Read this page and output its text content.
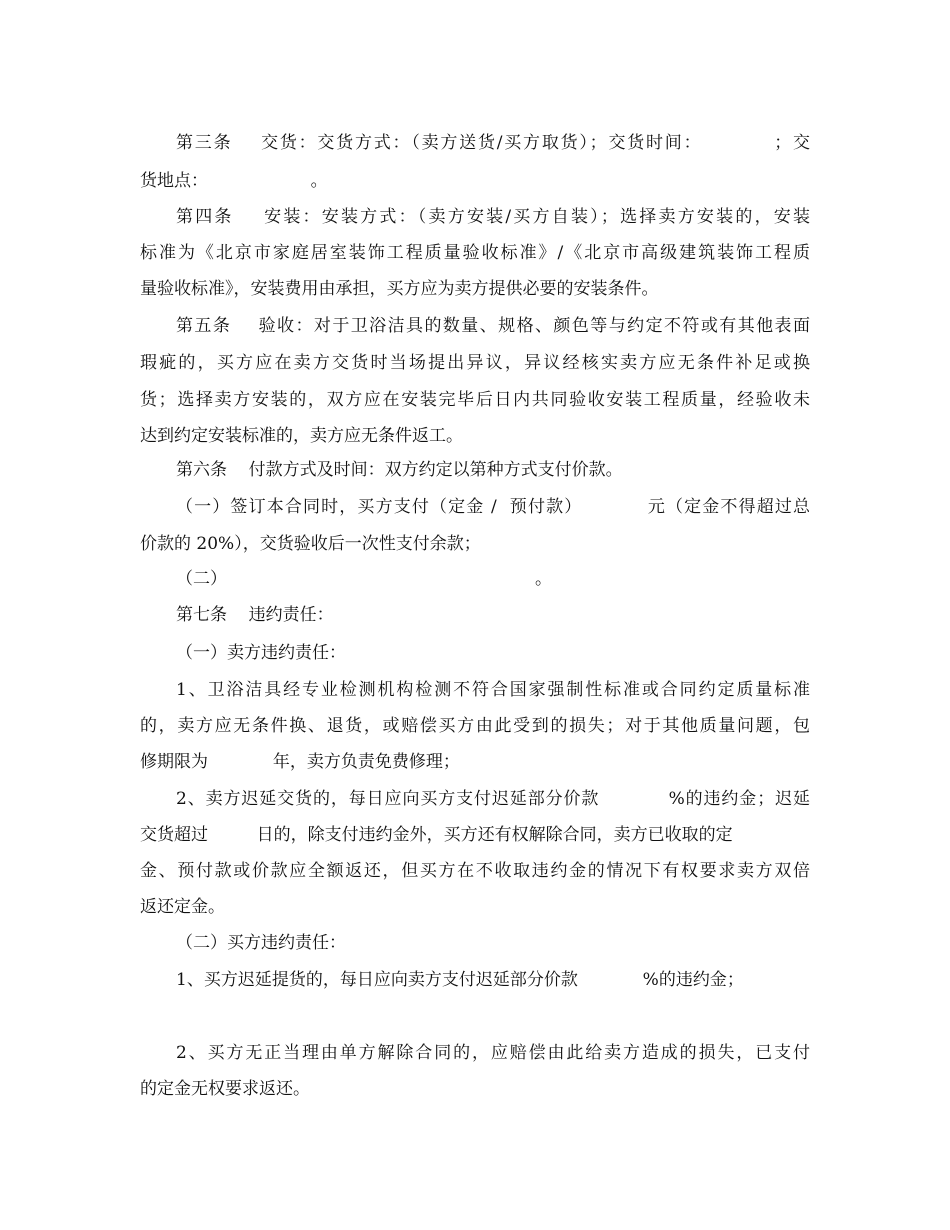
第三条    交货：交货方式：（卖方送货/买方取货）；交货时间：          ；交
货地点：                   。
第四条    安装：安装方式：（卖方安装/买方自装）；选择卖方安装的，安装
标准为《北京市家庭居室装饰工程质量验收标准》/《北京市高级建筑装饰工程质
量验收标准》，安装费用由承担，买方应为卖方提供必要的安装条件。
第五条    验收：对于卫浴洁具的数量、规格、颜色等与约定不符或有其他表面
瑕疵的，买方应在卖方交货时当场提出异议，异议经核实卖方应无条件补足或换
货；选择卖方安装的，双方应在安装完毕后日内共同验收安装工程质量，经验收未
达到约定安装标准的，卖方应无条件返工。
第六条    付款方式及时间：双方约定以第种方式支付价款。
（一）签订本合同时，买方支付（定金 /  预付款）          元（定金不得超过总
价款的 20%），交货验收后一次性支付余款；
（二）                                                         。
第七条    违约责任：
（一）卖方违约责任：
1、卫浴洁具经专业检测机构检测不符合国家强制性标准或合同约定质量标准
的，卖方应无条件换、退货，或赔偿买方由此受到的损失；对于其他质量问题，包
修期限为            年，卖方负责免费修理；
2、卖方迟延交货的，每日应向买方支付迟延部分价款           %的违约金；迟延
交货超过         日的，除支付违约金外，买方还有权解除合同，卖方已收取的定
金、预付款或价款应全额返还，但买方在不收取违约金的情况下有权要求卖方双倍
返还定金。
（二）买方违约责任：
1、买方迟延提货的，每日应向卖方支付迟延部分价款            %的违约金；
2、买方无正当理由单方解除合同的，应赔偿由此给卖方造成的损失，已支付
的定金无权要求返还。
